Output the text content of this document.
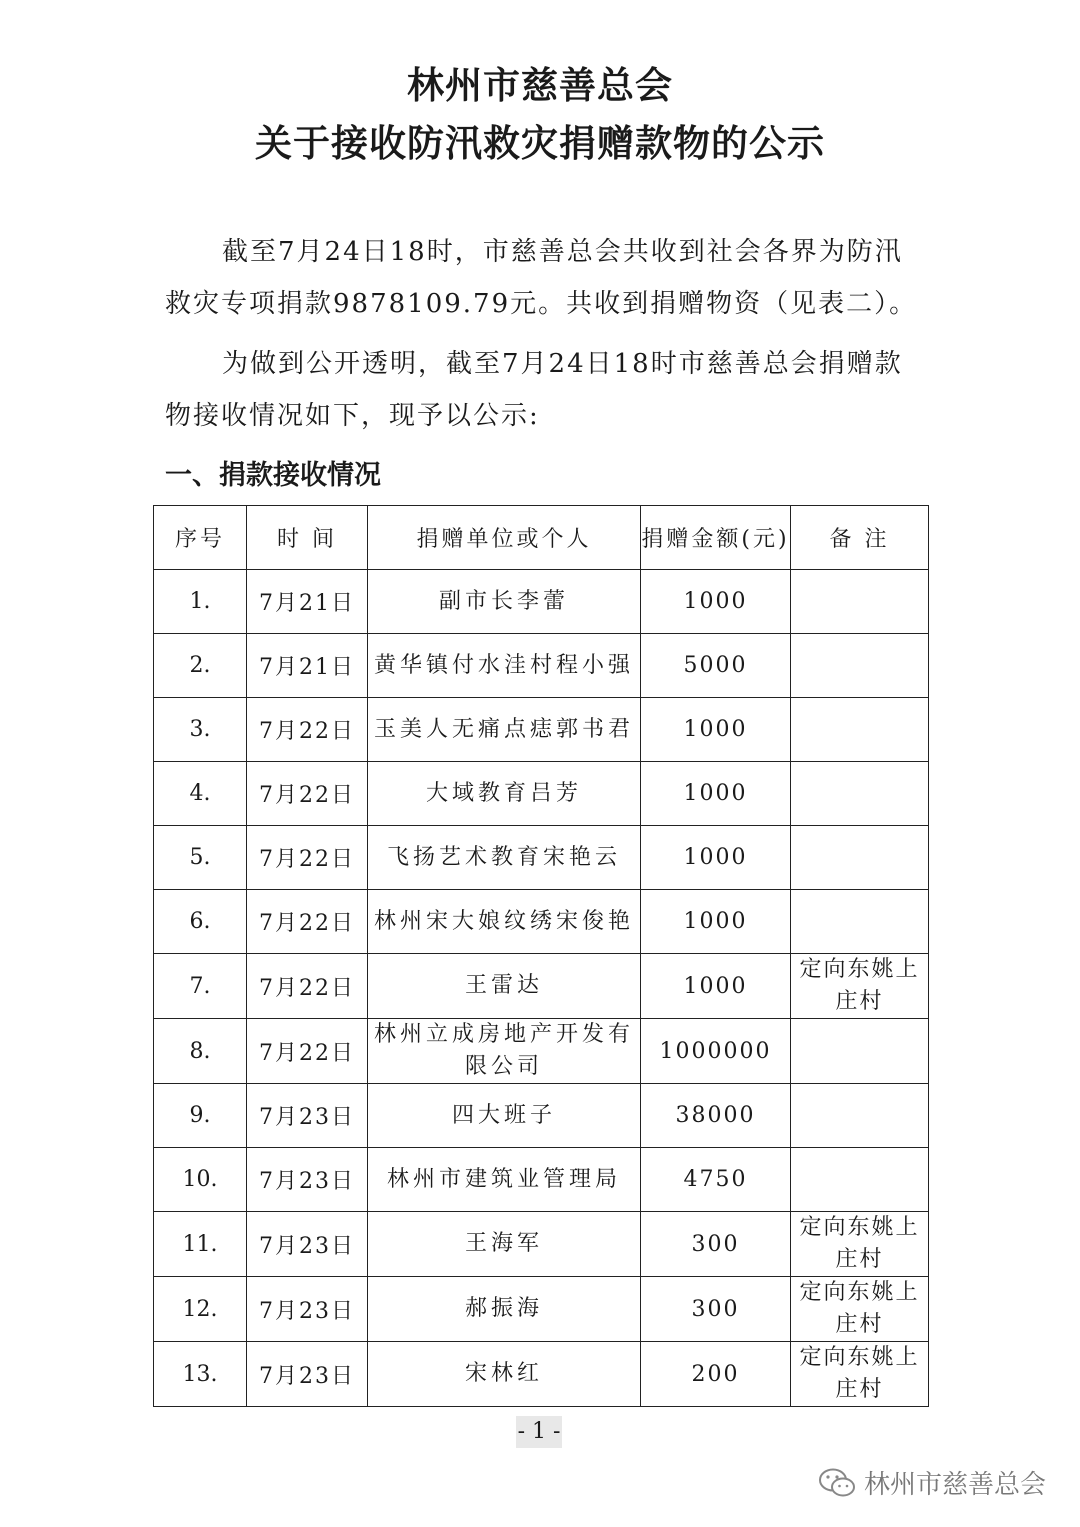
林州市慈善总会
关于接收防汛救灾捐赠款物的公示
截至7月24日18时，市慈善总会共收到社会各界为防汛救灾专项捐款9878109.79元。共收到捐赠物资（见表二）。
为做到公开透明，截至7月24日18时市慈善总会捐赠款物接收情况如下，现予以公示:
一、捐款接收情况
序号	时 间	捐赠单位或个人	捐赠金额(元)	备 注
1.	7月21日	副市长李蕾	1000	
2.	7月21日	黄华镇付水洼村程小强	5000	
3.	7月22日	玉美人无痛点痣郭书君	1000	
4.	7月22日	大域教育吕芳	1000	
5.	7月22日	飞扬艺术教育宋艳云	1000	
6.	7月22日	林州宋大娘纹绣宋俊艳	1000	
7.	7月22日	王雷达	1000	定向东姚上庄村
8.	7月22日	林州立成房地产开发有限公司	1000000	
9.	7月23日	四大班子	38000	
10.	7月23日	林州市建筑业管理局	4750	
11.	7月23日	王海军	300	定向东姚上庄村
12.	7月23日	郝振海	300	定向东姚上庄村
13.	7月23日	宋林红	200	定向东姚上庄村
- 1 -
林州市慈善总会
